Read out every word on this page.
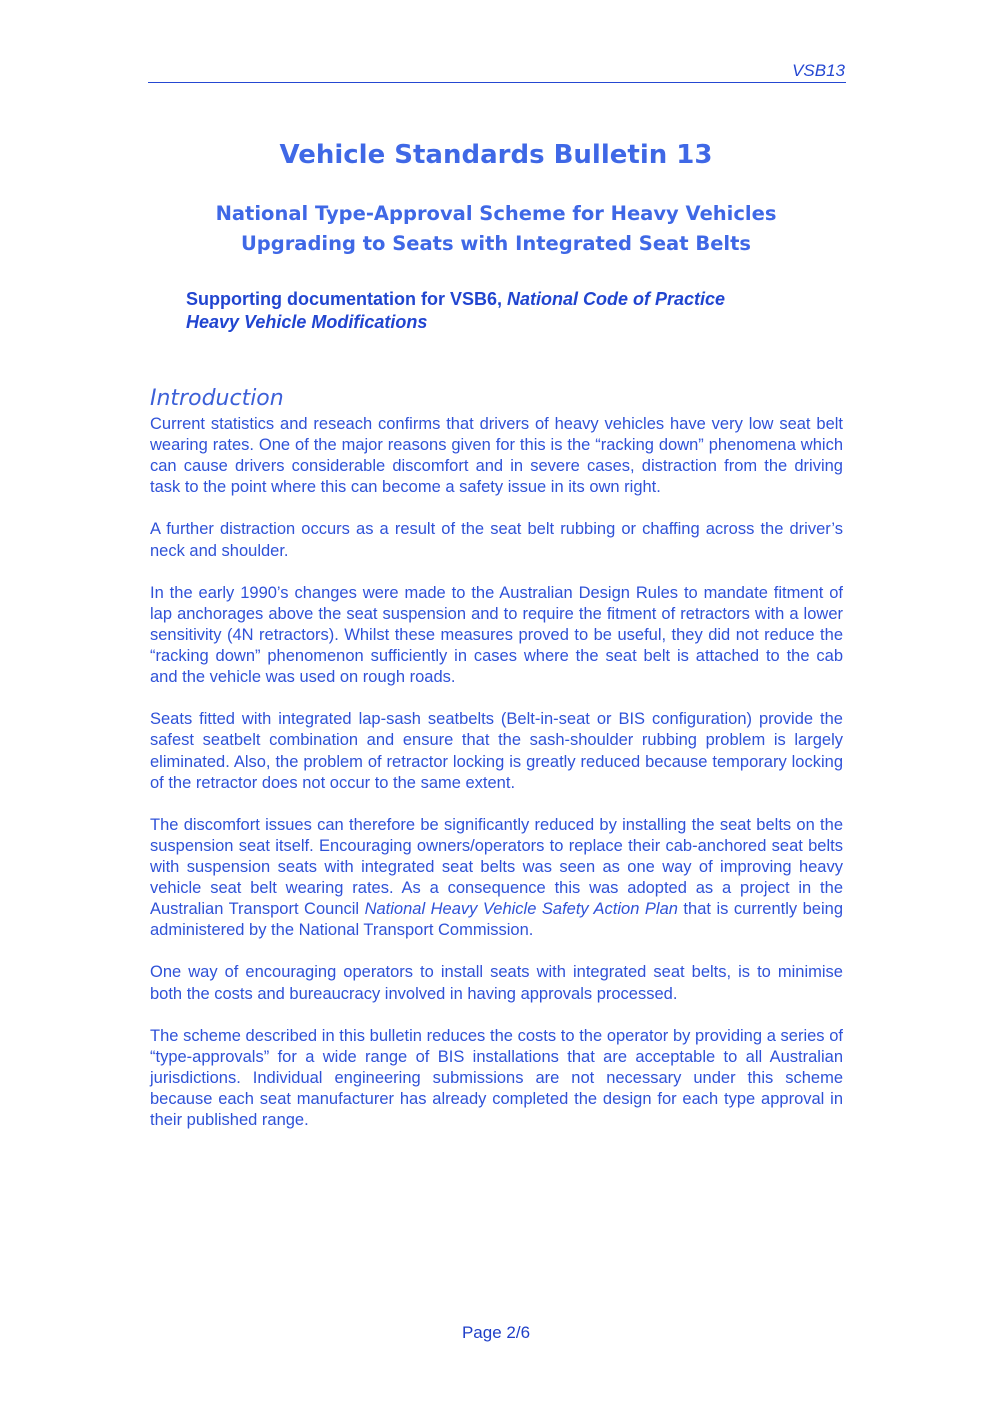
VSB13
Vehicle Standards Bulletin 13
National Type-Approval Scheme for Heavy Vehicles
Upgrading to Seats with Integrated Seat Belts
Supporting documentation for VSB6, National Code of Practice
Heavy Vehicle Modifications
Introduction

Current statistics and reseach confirms that drivers of heavy vehicles have very low seat belt wearing rates. One of the major reasons given for this is the “racking down” phenomena which can cause drivers considerable discomfort and in severe cases, distraction from the driving task to the point where this can become a safety issue in its own right.

A further distraction occurs as a result of the seat belt rubbing or chaffing across the driver’s neck and shoulder.

In the early 1990’s changes were made to the Australian Design Rules to mandate fitment of lap anchorages above the seat suspension and to require the fitment of retractors with a lower sensitivity (4N retractors). Whilst these measures proved to be useful, they did not reduce the “racking down” phenomenon sufficiently in cases where the seat belt is attached to the cab and the vehicle was used on rough roads.

Seats fitted with integrated lap-sash seatbelts (Belt-in-seat or BIS configuration) provide the safest seatbelt combination and ensure that the sash-shoulder rubbing problem is largely eliminated. Also, the problem of retractor locking is greatly reduced because temporary locking of the retractor does not occur to the same extent.

The discomfort issues can therefore be significantly reduced by installing the seat belts on the suspension seat itself. Encouraging owners/operators to replace their cab-anchored seat belts with suspension seats with integrated seat belts was seen as one way of improving heavy vehicle seat belt wearing rates. As a consequence this was adopted as a project in the Australian Transport Council National Heavy Vehicle Safety Action Plan that is currently being administered by the National Transport Commission.

One way of encouraging operators to install seats with integrated seat belts, is to minimise both the costs and bureaucracy involved in having approvals processed.

The scheme described in this bulletin reduces the costs to the operator by providing a series of “type-approvals” for a wide range of BIS installations that are acceptable to all Australian jurisdictions. Individual engineering submissions are not necessary under this scheme because each seat manufacturer has already completed the design for each type approval in their published range.

Page 2/6
